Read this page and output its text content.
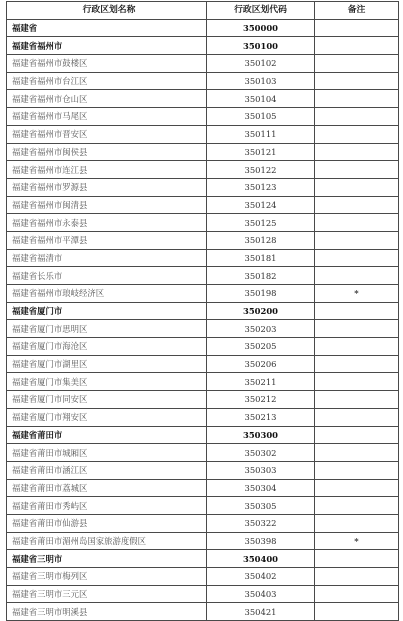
行政区划名称	行政区划代码	备注
福建省	350000	
福建省福州市	350100	
福建省福州市鼓楼区	350102	
福建省福州市台江区	350103	
福建省福州市仓山区	350104	
福建省福州市马尾区	350105	
福建省福州市晋安区	350111	
福建省福州市闽侯县	350121	
福建省福州市连江县	350122	
福建省福州市罗源县	350123	
福建省福州市闽清县	350124	
福建省福州市永泰县	350125	
福建省福州市平潭县	350128	
福建省福清市	350181	
福建省长乐市	350182	
福建省福州市琅岐经济区	350198	*
福建省厦门市	350200	
福建省厦门市思明区	350203	
福建省厦门市海沧区	350205	
福建省厦门市湖里区	350206	
福建省厦门市集美区	350211	
福建省厦门市同安区	350212	
福建省厦门市翔安区	350213	
福建省莆田市	350300	
福建省莆田市城厢区	350302	
福建省莆田市涵江区	350303	
福建省莆田市荔城区	350304	
福建省莆田市秀屿区	350305	
福建省莆田市仙游县	350322	
福建省莆田市湄州岛国家旅游度假区	350398	*
福建省三明市	350400	
福建省三明市梅列区	350402	
福建省三明市三元区	350403	
福建省三明市明溪县	350421	
